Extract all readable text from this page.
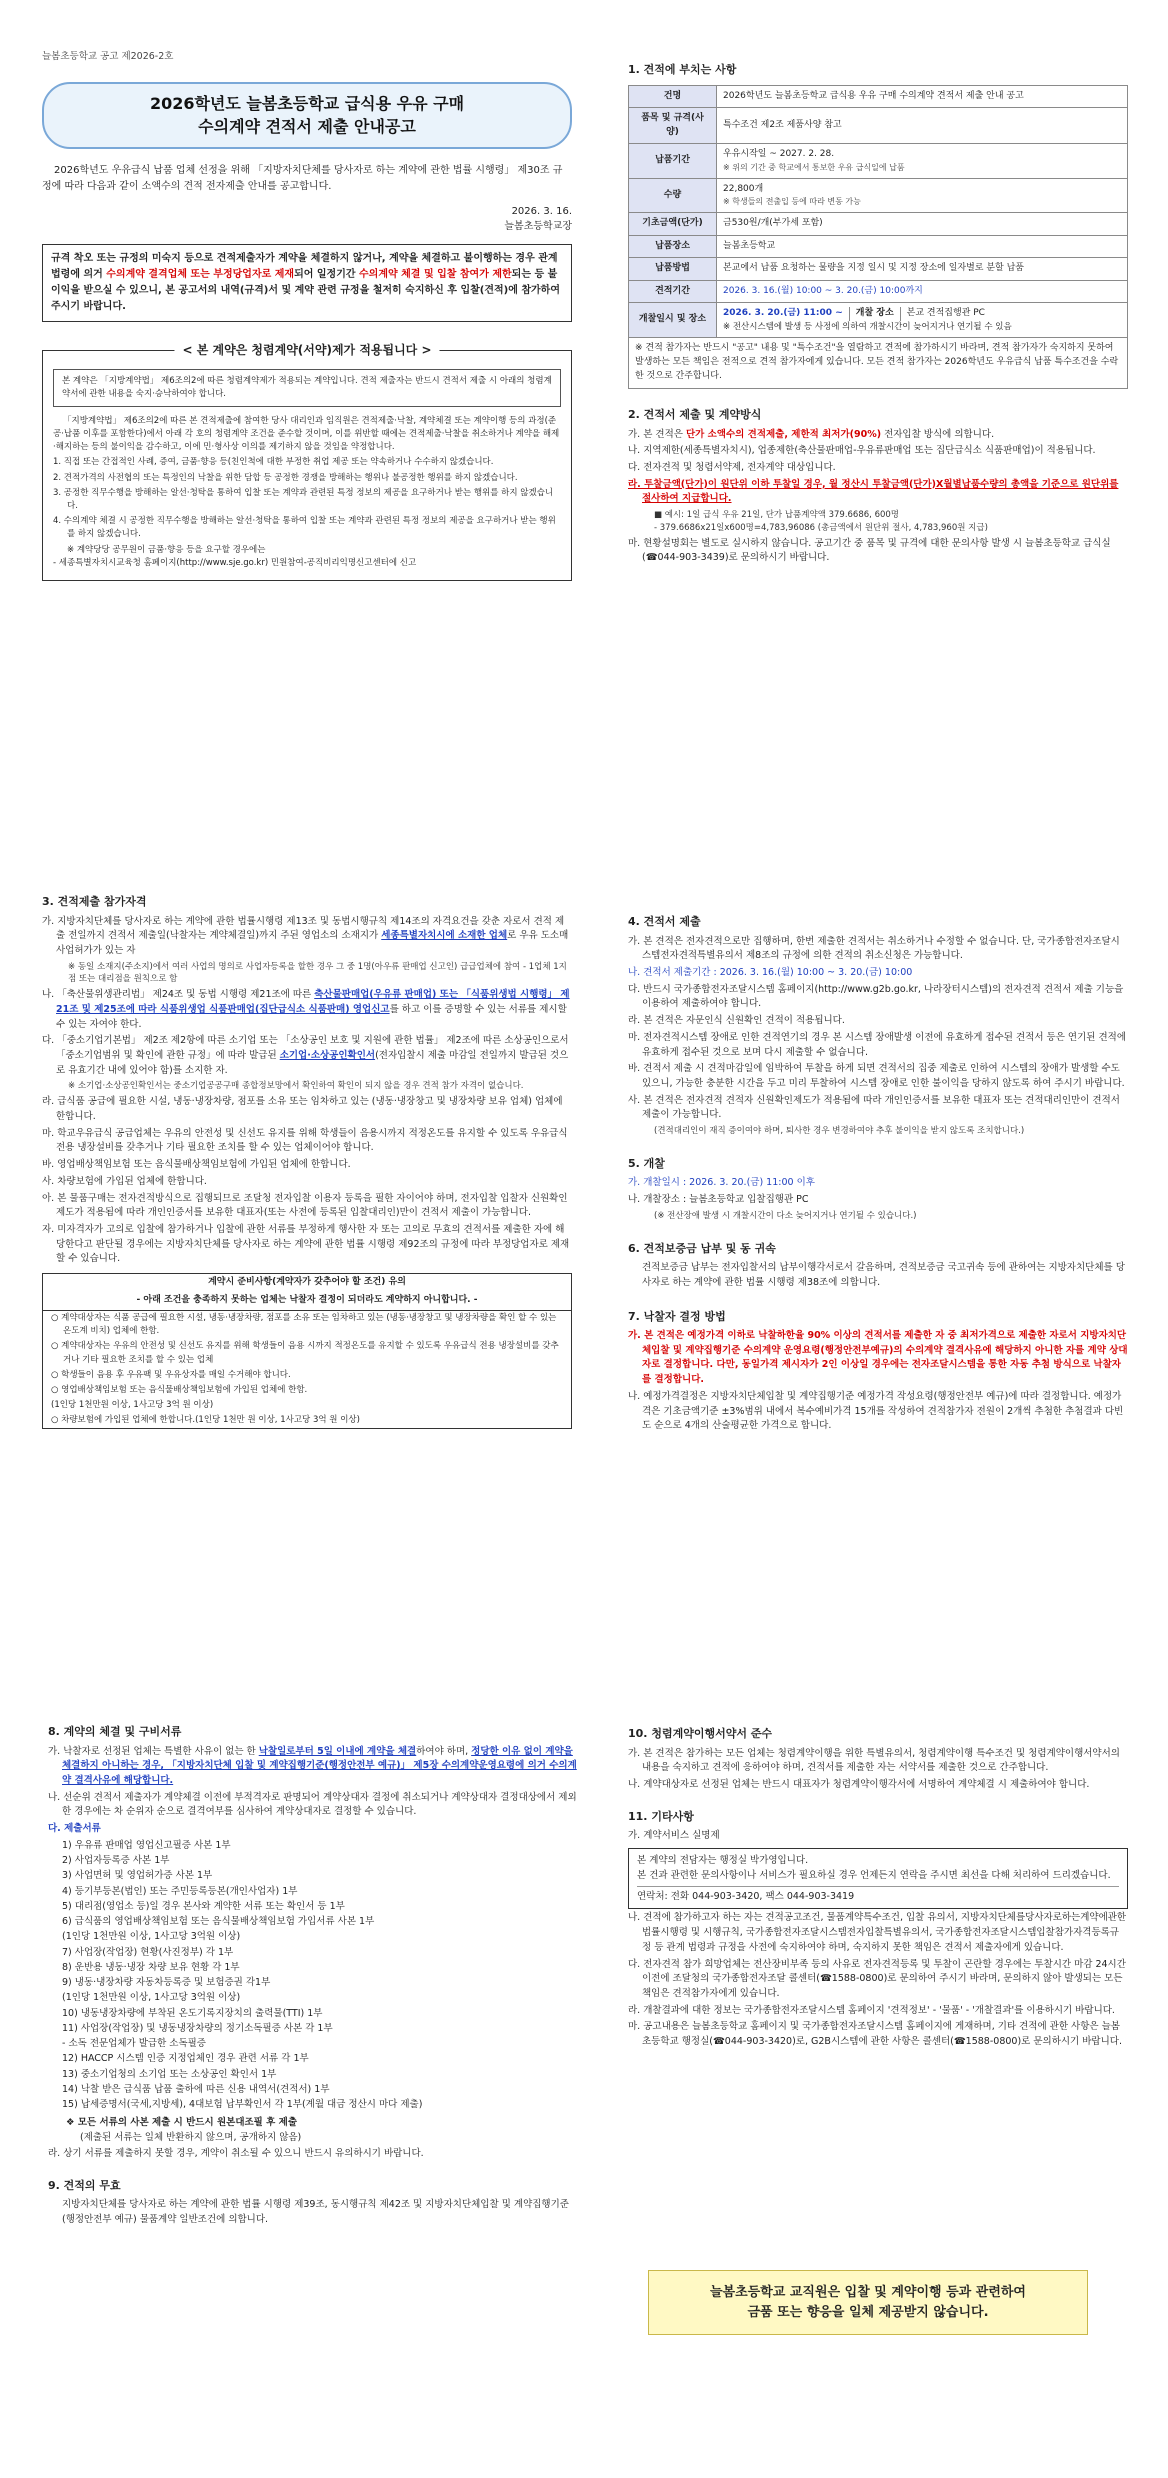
늘봄초등학교 공고 제2026-2호
2026학년도 늘봄초등학교 급식용 우유 구매
수의계약 견적서 제출 안내공고
2026학년도 우유급식 납품 업체 선정을 위해 「지방자치단체를 당사자로 하는 계약에 관한 법률 시행령」 제30조 규정에 따라 다음과 같이 소액수의 견적 전자제출 안내를 공고합니다.
2026. 3. 16.
늘봄초등학교장
규격 착오 또는 규정의 미숙지 등으로 견적제출자가 계약을 체결하지 않거나, 계약을 체결하고 불이행하는 경우 관계법령에 의거 수의계약 결격업체 또는 부정당업자로 제재되어 일정기간 수의계약 체결 및 입찰 참여가 제한되는 등 불이익을 받으실 수 있으니, 본 공고서의 내역(규격)서 및 계약 관련 규정을 철저히 숙지하신 후 입찰(견적)에 참가하여 주시기 바랍니다.
< 본 계약은 청렴계약(서약)제가 적용됩니다 >
본 계약은 「지방계약법」 제6조의2에 따른 청렴계약제가 적용되는 계약입니다. 견적 제출자는 반드시 견적서 제출 시 아래의 청렴계약서에 관한 내용을 숙지·승낙하여야 합니다.
「지방계약법」 제6조의2에 따른 본 견적제출에 참여한 당사 대리인과 임직원은 견적제출·낙찰, 계약체결 또는 계약이행 등의 과정(준공·납품 이후를 포함한다)에서 아래 각 호의 청렴계약 조건을 준수할 것이며, 이를 위반할 때에는 견적제출·낙찰을 취소하거나 계약을 해제·해지하는 등의 불이익을 감수하고, 이에 민·형사상 이의를 제기하지 않을 것임을 약정합니다.
1. 직접 또는 간접적인 사례, 증여, 금품·향응 등(친인척에 대한 부정한 취업 제공 또는 약속하거나 수수하지 않겠습니다.
2. 견적가격의 사전협의 또는 특정인의 낙찰을 위한 담합 등 공정한 경쟁을 방해하는 행위나 불공정한 행위를 하지 않겠습니다.
3. 공정한 직무수행을 방해하는 알선·청탁을 통하여 입찰 또는 계약과 관련된 특정 정보의 제공을 요구하거나 받는 행위를 하지 않겠습니다.
4. 수의계약 체결 시 공정한 직무수행을 방해하는 알선·청탁을 통하여 입찰 또는 계약과 관련된 특정 정보의 제공을 요구하거나 받는 행위를 하지 않겠습니다.
※ 계약당당 공무원이 금품·향응 등을 요구할 경우에는
- 세종특별자치시교육청 홈페이지(http://www.sje.go.kr) 민원참여-공직비리익명신고센터에 신고
1. 견적에 부치는 사항
건명	2026학년도 늘봄초등학교 급식용 우유 구매 수의계약 견적서 제출 안내 공고
품목 및 규격(사양)	특수조건 제2조 제품사양 참고
납품기간	우유시작일 ~ 2027. 2. 28.
※ 위의 기간 중 학교에서 통보한 우유 급식일에 납품

수량	22,800개
※ 학생들의 전출입 등에 따라 변동 가능

기초금액(단가)	금530원/개(부가세 포함)
납품장소	늘봄초등학교
납품방법	본교에서 납품 요청하는 물량을 지정 일시 및 지정 장소에 일자별로 분할 납품
견적기간	2026. 3. 16.(월) 10:00 ~ 3. 20.(금) 10:00까지
개찰일시 및 장소	2026. 3. 20.(금) 11:00 ~ 개찰 장소 본교 견적집행관 PC
※ 전산시스템에 발생 등 사정에 의하여 개찰시간이 늦어지거나 연기될 수 있음
※ 견적 참가자는 반드시 "공고" 내용 및 "특수조건"을 열람하고 견적에 참가하시기 바라며, 견적 참가자가 숙지하지 못하여 발생하는 모든 책임은 전적으로 견적 참가자에게 있습니다. 모든 견적 참가자는 2026학년도 우유급식 납품 특수조건을 수락한 것으로 간주합니다.
2. 견적서 제출 및 계약방식
가. 본 견적은 단가 소액수의 견적제출, 제한적 최저가(90%) 전자입찰 방식에 의합니다.
나. 지역제한(세종특별자치시), 업종제한(축산물판매업-우유류판매업 또는 집단급식소 식품판매업)이 적용됩니다.
다. 전자견적 및 청렴서약제, 전자계약 대상입니다.
라. 투찰금액(단가)이 원단위 이하 투찰일 경우, 월 정산시 투찰금액(단가)X월별납품수량의 총액을 기준으로 원단위를 절사하여 지급합니다.
■ 예시: 1일 급식 우유 21일, 단가 납품계약액 379.6686, 600명
- 379.6686x21일x600명=4,783,96086 (총금액에서 원단위 절사, 4,783,960원 지급)
마. 현황설명회는 별도로 실시하지 않습니다. 공고기간 중 품목 및 규격에 대한 문의사항 발생 시 늘봄초등학교 급식실(☎044-903-3439)로 문의하시기 바랍니다.
3. 견적제출 참가자격
가. 지방자치단체를 당사자로 하는 계약에 관한 법률시행령 제13조 및 동법시행규칙 제14조의 자격요건을 갖춘 자로서 견적 제출 전일까지 견적서 제출일(낙찰자는 계약체결일)까지 주된 영업소의 소재지가 세종특별자치시에 소재한 업체로 우유 도소매 사업허가가 있는 자
※ 동일 소재지(주소지)에서 여러 사업의 명의로 사업자등록을 할한 경우 그 중 1명(아우류 판매업 신고인) 급급업체에 참여 - 1업체 1지점 또는 대리점을 원칙으로 함
나. 「축산물위생관리법」 제24조 및 동법 시행령 제21조에 따른 축산물판매업(우유류 판매업) 또는 「식품위생법 시행령」 제21조 및 제25조에 따라 식품위생업 식품판매업(집단급식소 식품판매) 영업신고를 하고 이를 증명할 수 있는 서류를 제시할 수 있는 자여야 한다.
다. 「중소기업기본법」 제2조 제2항에 따른 소기업 또는 「소상공인 보호 및 지원에 관한 법률」 제2조에 따른 소상공인으로서 「중소기업범위 및 확인에 관한 규정」에 따라 발급된 소기업·소상공인확인서(전자입찰시 제출 마감일 전일까지 발급된 것으로 유효기간 내에 있어야 함)를 소지한 자.
※ 소기업·소상공인확인서는 중소기업공공구매 종합정보망에서 확인하여 확인이 되지 않을 경우 견적 참가 자격이 없습니다.
라. 급식품 공급에 필요한 시설, 냉동·냉장차량, 점포를 소유 또는 임차하고 있는 (냉동·냉장창고 및 냉장차량 보유 업체) 업체에 한합니다.
마. 학교우유급식 공급업체는 우유의 안전성 및 신선도 유지를 위해 학생들이 음용시까지 적정온도를 유지할 수 있도록 우유급식 전용 냉장설비를 갖추거나 기타 필요한 조치를 할 수 있는 업체이어야 합니다.
바. 영업배상책임보험 또는 음식물배상책임보험에 가입된 업체에 한합니다.
사. 차량보험에 가입된 업체에 한합니다.
아. 본 물품구매는 전자견적방식으로 집행되므로 조달청 전자입찰 이용자 등록을 필한 자이어야 하며, 전자입찰 입찰자 신원확인제도가 적용됨에 따라 개인인증서를 보유한 대표자(또는 사전에 등록된 입찰대리인)만이 견적서 제출이 가능합니다.
자. 미자격자가 고의로 입찰에 참가하거나 입찰에 관한 서류를 부정하게 행사한 자 또는 고의로 무효의 견적서를 제출한 자에 해당한다고 판단될 경우에는 지방자치단체를 당사자로 하는 계약에 관한 법률 시행령 제92조의 규정에 따라 부정당업자로 제재할 수 있습니다.
계약시 준비사항(계약자가 갖추어야 할 조건) 유의
- 아래 조건을 충족하지 못하는 업체는 낙찰자 결정이 되더라도 계약하지 아니합니다. -
○ 계약대상자는 식품 공급에 필요한 시설, 냉동·냉장차량, 점포를 소유 또는 임차하고 있는 (냉동·냉장창고 및 냉장차량을 확인 할 수 있는 온도계 비치) 업체에 한함.
○ 계약대상자는 우유의 안전성 및 신선도 유지를 위해 학생들이 음용 시까지 적정온도를 유지할 수 있도록 우유급식 전용 냉장설비를 갖추거나 기타 필요한 조치를 할 수 있는 업체
○ 학생들이 음용 후 우유팩 및 우유상자를 매일 수거해야 합니다.
○ 영업배상책임보험 또는 음식물배상책임보험에 가입된 업체에 한함.
(1인당 1천만원 이상, 1사고당 3억 원 이상)
○ 차량보험에 가입된 업체에 한합니다.(1인당 1천만 원 이상, 1사고당 3억 원 이상)
4. 견적서 제출
가. 본 견적은 전자견적으로만 집행하며, 한번 제출한 견적서는 취소하거나 수정할 수 없습니다. 단, 국가종합전자조달시스템전자견적특별유의서 제8조의 규정에 의한 견적의 취소신청은 가능합니다.
나. 견적서 제출기간 : 2026. 3. 16.(월) 10:00 ~ 3. 20.(금) 10:00
다. 반드시 국가종합전자조달시스템 홈페이지(http://www.g2b.go.kr, 나라장터시스템)의 전자견적 견적서 제출 기능을 이용하여 제출하여야 합니다.
라. 본 견적은 자문인식 신원확인 견적이 적용됩니다.
마. 전자견적시스템 장애로 인한 견적연기의 경우 본 시스템 장애발생 이전에 유효하게 접수된 견적서 등은 연기된 견적에 유효하게 접수된 것으로 보며 다시 제출할 수 없습니다.
바. 견적서 제출 시 견적마감일에 임박하여 투찰을 하게 되면 견적서의 집중 제출로 인하여 시스템의 장애가 발생할 수도 있으니, 가능한 충분한 시간을 두고 미리 투찰하여 시스템 장애로 인한 불이익을 당하지 않도록 하여 주시기 바랍니다.
사. 본 견적은 전자견적 견적자 신원확인제도가 적용됨에 따라 개인인증서를 보유한 대표자 또는 견적대리인만이 견적서 제출이 가능합니다.
(견적대리인이 재직 증이여야 하며, 퇴사한 경우 변경하여야 추후 불이익을 받지 않도록 조치합니다.)
5. 개찰
가. 개찰일시 : 2026. 3. 20.(금) 11:00 이후
나. 개찰장소 : 늘봄초등학교 입찰집행관 PC
(※ 전산장애 발생 시 개찰시간이 다소 늦어지거나 연기될 수 있습니다.)
6. 견적보증금 납부 및 동 귀속
견적보증금 납부는 전자입찰서의 납부이행각서로서 갈음하며, 견적보증금 국고귀속 등에 관하여는 지방자치단체를 당사자로 하는 계약에 관한 법률 시행령 제38조에 의합니다.
7. 낙찰자 결정 방법
가. 본 견적은 예정가격 이하로 낙찰하한율 90% 이상의 견적서를 제출한 자 중 최저가격으로 제출한 자로서 지방자치단체입찰 및 계약집행기준 수의계약 운영요령(행정안전부예규)의 수의계약 결격사유에 해당하지 아니한 자를 계약 상대자로 결정합니다. 다만, 동일가격 제시자가 2인 이상일 경우에는 전자조달시스템을 통한 자동 추첨 방식으로 낙찰자를 결정합니다.
나. 예정가격결정은 지방자치단체입찰 및 계약집행기준 예정가격 작성요령(행정안전부 예규)에 따라 결정합니다. 예정가격은 기초금액기준 ±3%범위 내에서 복수예비가격 15개를 작성하여 견적참가자 전원이 2개씩 추첨한 추첨결과 다빈도 순으로 4개의 산술평균한 가격으로 합니다.
8. 계약의 체결 및 구비서류
가. 낙찰자로 선정된 업체는 특별한 사유이 없는 한 낙찰일로부터 5일 이내에 계약을 체결하여야 하며, 정당한 이유 없이 계약을 체결하지 아니하는 경우, 「지방자치단체 입찰 및 계약집행기준(행정안전부 예규)」 제5장 수의계약운영요령에 의거 수의계약 결격사유에 해당합니다.
나. 선순위 견적서 제출자가 계약체결 이전에 부적격자로 판명되어 계약상대자 결정에 취소되거나 계약상대자 결정대상에서 제외한 경우에는 차 순위자 순으로 결격여부를 심사하여 계약상대자로 결정할 수 있습니다.
다. 제출서류
1) 우유류 판매업 영업신고필증 사본 1부
2) 사업자등록증 사본 1부
3) 사업면허 및 영업허가증 사본 1부
4) 등기부등본(법인) 또는 주민등록등본(개인사업자) 1부
5) 대리점(영업소 등)일 경우 본사와 계약한 서류 또는 확인서 등 1부
6) 급식품의 영업배상책임보험 또는 음식물배상책임보험 가입서류 사본 1부
(1인당 1천만원 이상, 1사고당 3억원 이상)
7) 사업장(작업장) 현황(사진정부) 각 1부
8) 운반용 냉동·냉장 차량 보유 현황 각 1부
9) 냉동·냉장차량 자동차등록증 및 보험증권 각1부
(1인당 1천만원 이상, 1사고당 3억원 이상)
10) 냉동냉장차량에 부착된 온도기록지장치의 출력물(TTI) 1부
11) 사업장(작업장) 및 냉동냉장차량의 정기소독필증 사본 각 1부
- 소독 전문업체가 발급한 소독필증
12) HACCP 시스템 인증 지정업체인 경우 관련 서류 각 1부
13) 중소기업청의 소기업 또는 소상공인 확인서 1부
14) 낙찰 받은 급식품 납품 출하에 따른 신용 내역서(견적서) 1부
15) 납세증명서(국세,지방세), 4대보험 납부확인서 각 1부(계월 대금 정산시 마다 제출)
❖ 모든 서류의 사본 제출 시 반드시 원본대조필 후 제출
(제출된 서류는 일체 반환하지 않으며, 공개하지 않음)
라. 상기 서류를 제출하지 못할 경우, 계약이 취소될 수 있으니 반드시 유의하시기 바랍니다.
9. 견적의 무효
지방자치단체를 당사자로 하는 계약에 관한 법률 시행령 제39조, 동시행규칙 제42조 및 지방자치단체입찰 및 계약집행기준(행정안전부 예규) 물품계약 일반조건에 의합니다.
10. 청렴계약이행서약서 준수
가. 본 견적은 참가하는 모든 업체는 청렴계약이행을 위한 특별유의서, 청렴계약이행 특수조건 및 청렴계약이행서약서의 내용을 숙지하고 견적에 응하여야 하며, 견적서를 제출한 자는 서약서를 제출한 것으로 간주합니다.
나. 계약대상자로 선정된 업체는 반드시 대표자가 청렴계약이행각서에 서명하여 계약체결 시 제출하여야 합니다.
11. 기타사항
가. 계약서비스 실명제
본 계약의 전담자는 행정실 박가영입니다.
본 건과 관련한 문의사항이나 서비스가 필요하실 경우 언제든지 연락을 주시면 최선을 다해 처리하여 드리겠습니다.
연락처: 전화 044-903-3420, 팩스 044-903-3419
나. 견적에 참가하고자 하는 자는 견적공고조건, 물품계약특수조건, 입찰 유의서, 지방자치단체를당사자로하는계약에관한법률시행령 및 시행규칙, 국가종합전자조달시스템전자입찰특별유의서, 국가종합전자조달시스템입찰참가자격등록규정 등 관계 법령과 규정을 사전에 숙지하여야 하며, 숙지하지 못한 책임은 견적서 제출자에게 있습니다.
다. 전자견적 참가 희망업체는 전산장비부족 등의 사유로 전자견적등록 및 투찰이 곤란할 경우에는 투찰시간 마감 24시간 이전에 조달청의 국가종합전자조달 콜센터(☎1588-0800)로 문의하여 주시기 바라며, 문의하지 않아 발생되는 모든 책임은 견적참가자에게 있습니다.
라. 개찰결과에 대한 정보는 국가종합전자조달시스템 홈페이지 '견적정보' - '물품' - '개찰결과'를 이용하시기 바랍니다.
마. 공고내용은 늘봄초등학교 홈페이지 및 국가종합전자조달시스템 홈페이지에 게재하며, 기타 견적에 관한 사항은 늘봄초등학교 행정실(☎044-903-3420)로, G2B시스템에 관한 사항은 콜센터(☎1588-0800)로 문의하시기 바랍니다.
늘봄초등학교 교직원은 입찰 및 계약이행 등과 관련하여
금품 또는 향응을 일체 제공받지 않습니다.
